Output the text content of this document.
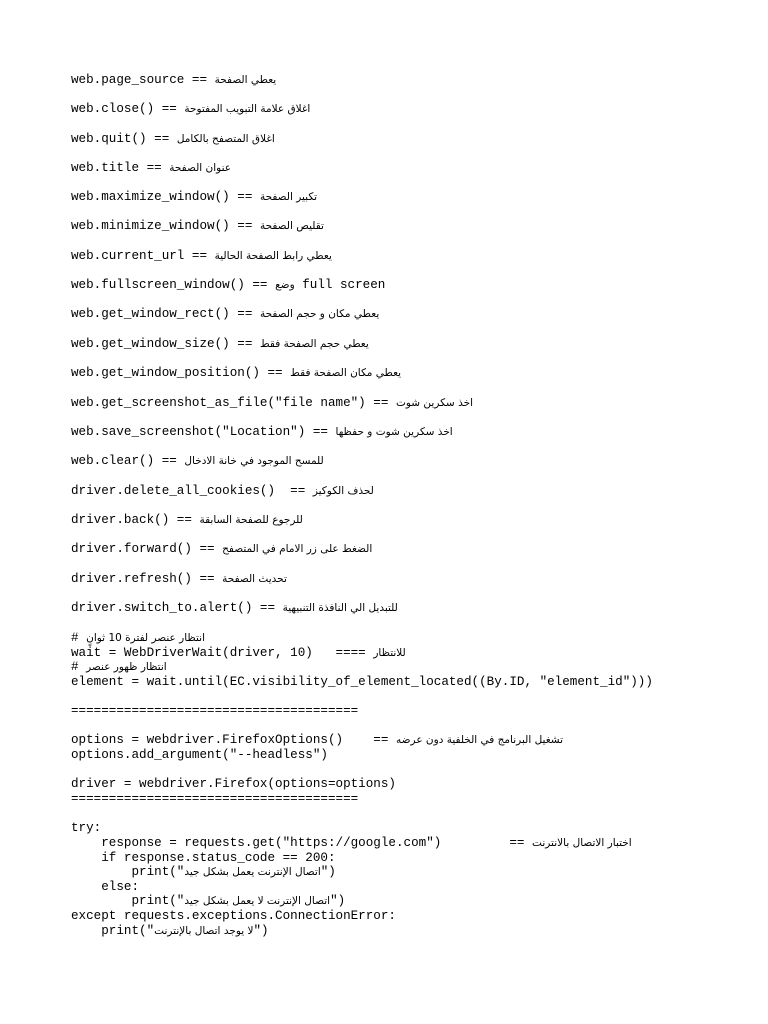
web.page_source == يعطي الصفحة
web.close() == اغلاق علامة التبويب المفتوحة
web.quit() == اغلاق المتصفح بالكامل
web.title == عنوان الصفحة
web.maximize_window() == تكبير الصفحة
web.minimize_window() == تقليص الصفحة
web.current_url == يعطي رابط الصفحة الحالية
web.fullscreen_window() == وضع full screen
web.get_window_rect() == يعطي مكان و حجم الصفحة
web.get_window_size() == يعطي حجم الصفحة فقط
web.get_window_position() == يعطي مكان الصفحة فقط
web.get_screenshot_as_file("file name") == اخذ سكرين شوت
web.save_screenshot("Location") == اخذ سكرين شوت و حفظها
web.clear() == للمسح الموجود في خانة الادخال
driver.delete_all_cookies()  == لحذف الكوكيز
driver.back() == للرجوع للصفحة السابقة
driver.forward() == الضغط على زر الامام في المتصفح
driver.refresh() == تحديث الصفحة
driver.switch_to.alert() == للتبديل الي النافذة التنبيهية
# انتظار عنصر لفترة 10 ثوانٍ
wait = WebDriverWait(driver, 10)   ==== للانتظار
# انتظار ظهور عنصر
element = wait.until(EC.visibility_of_element_located((By.ID, "element_id")))
======================================
options = webdriver.FirefoxOptions()    == تشغيل البرنامج في الخلفية دون عرضه
options.add_argument("--headless")
driver = webdriver.Firefox(options=options)
======================================
try:
response = requests.get("https://google.com")         == اختبار الاتصال بالانترنت
if response.status_code == 200:
print("اتصال الإنترنت يعمل بشكل جيد")
else:
print("اتصال الإنترنت لا يعمل بشكل جيد")
except requests.exceptions.ConnectionError:
print("لا يوجد اتصال بالإنترنت")
